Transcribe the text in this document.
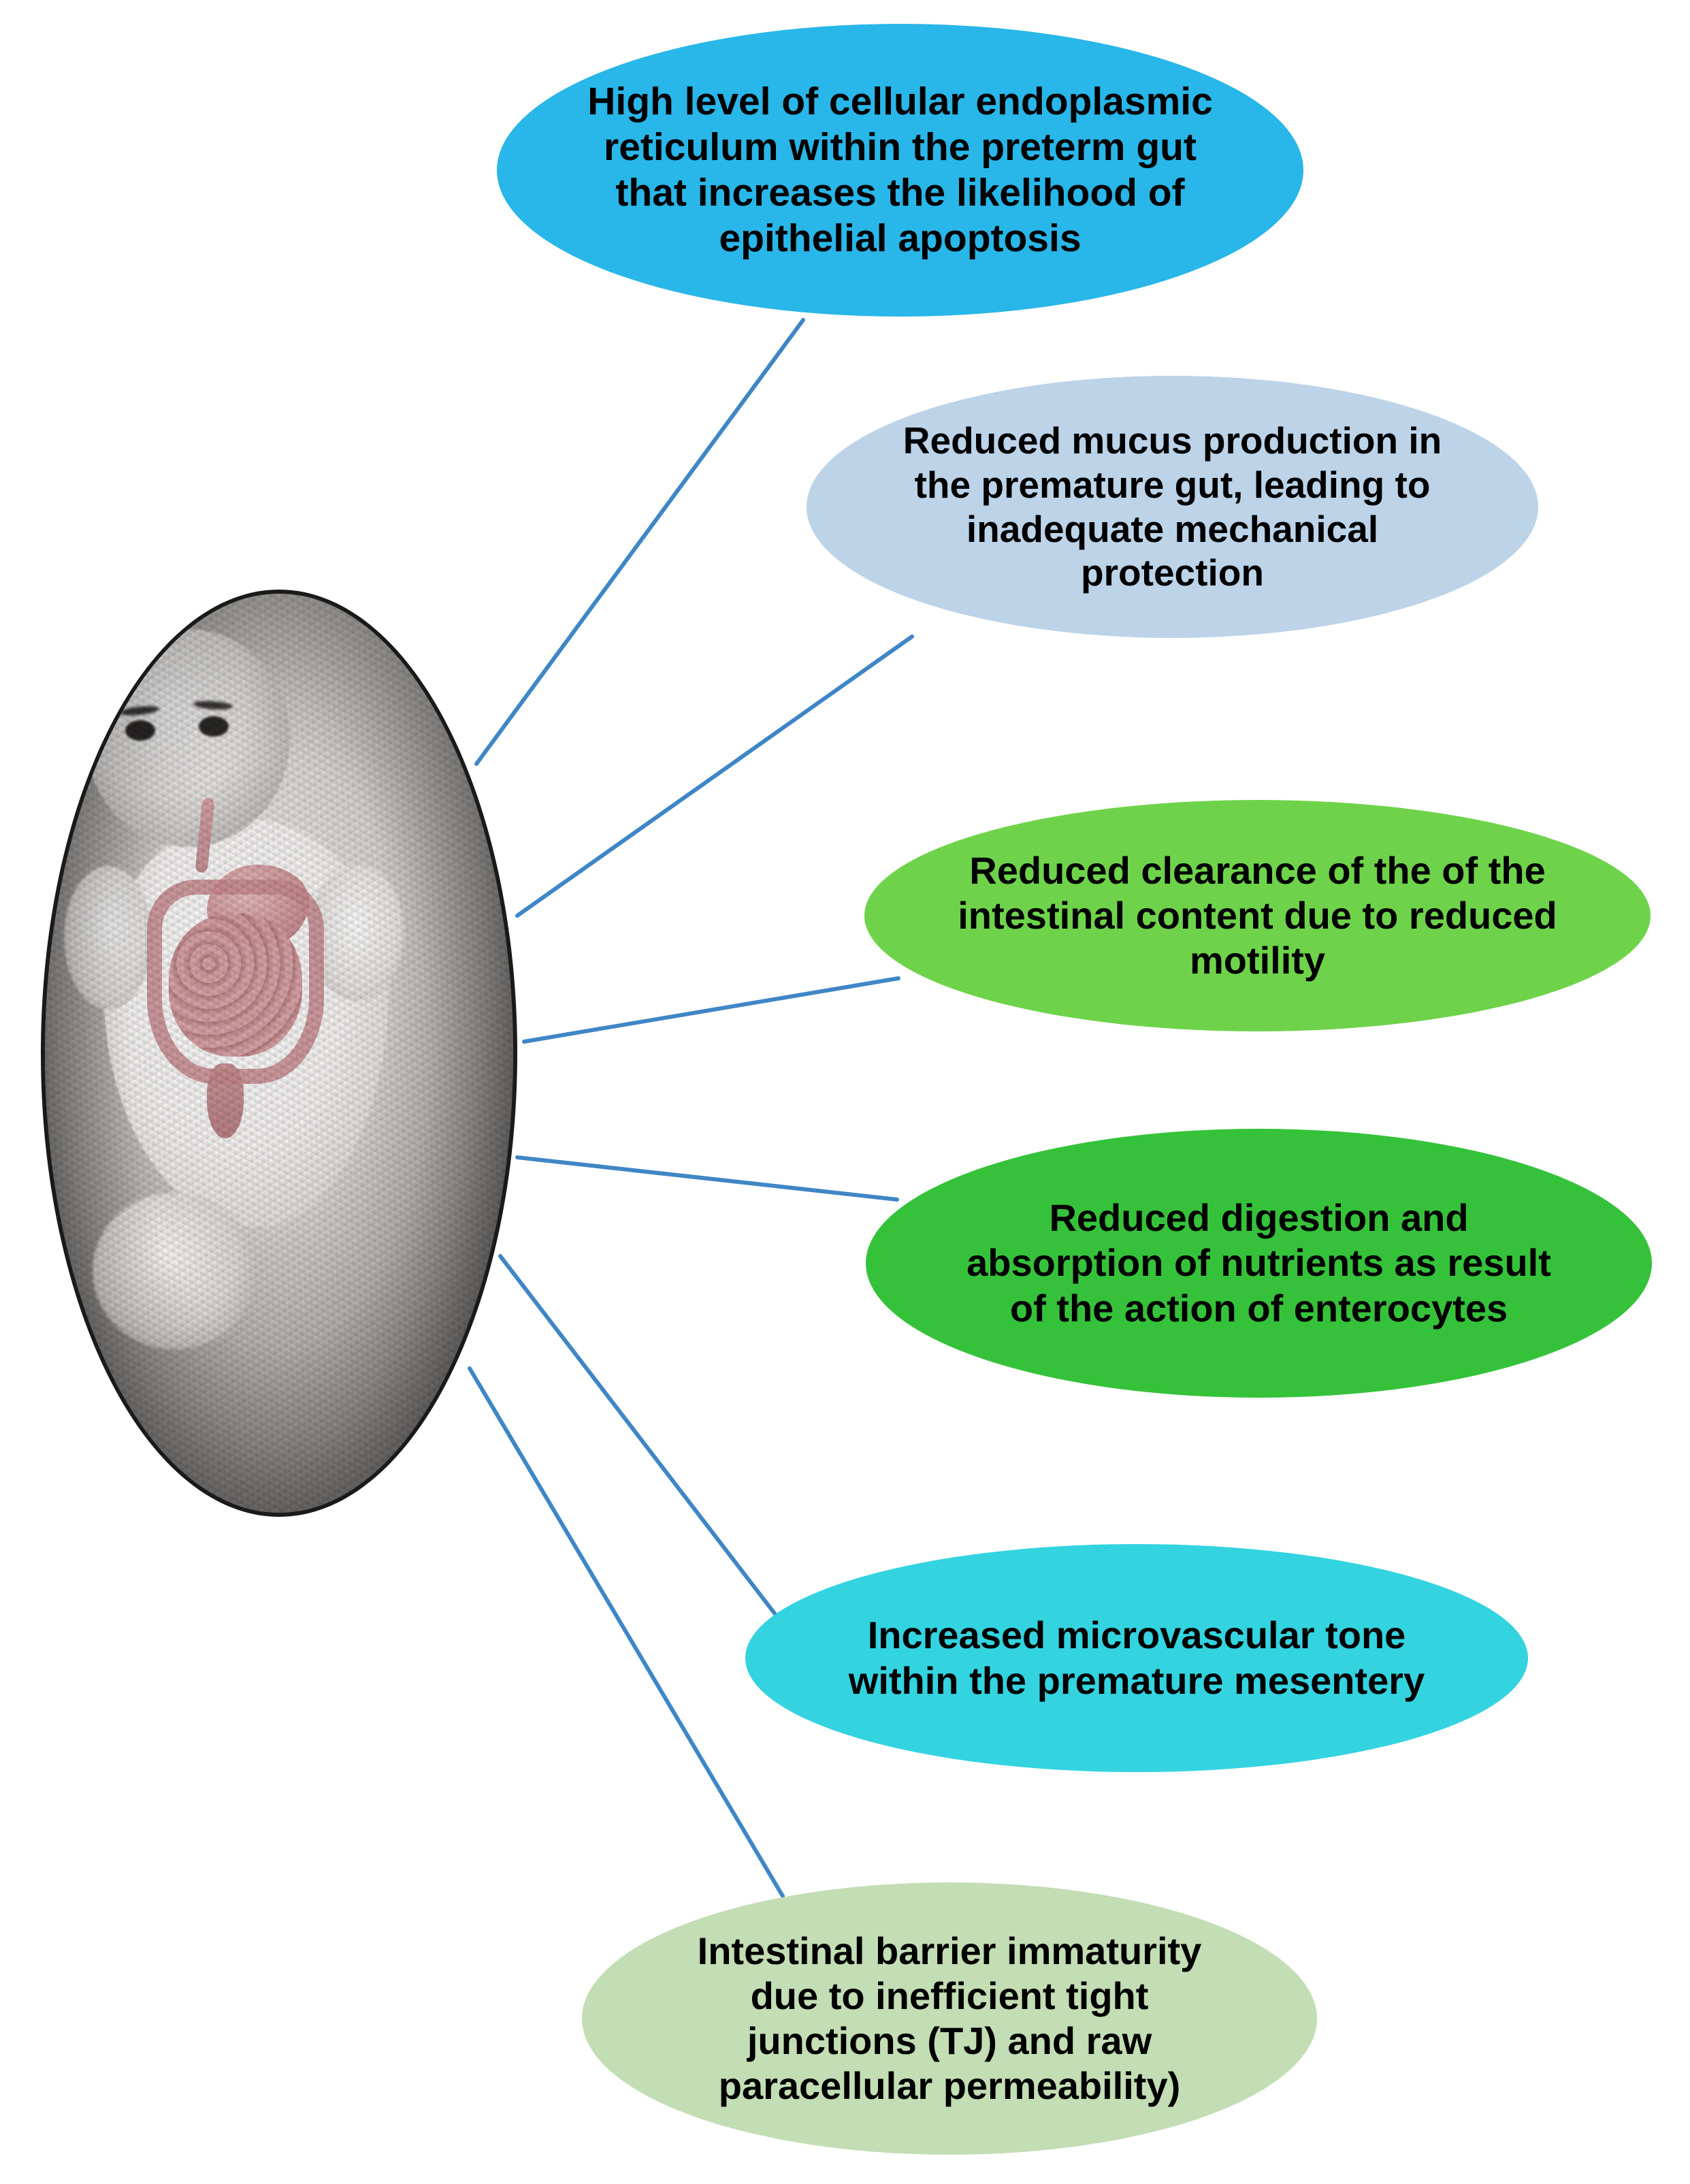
High level of cellular endoplasmic reticulum within the preterm gut that increases the likelihood of epithelial apoptosis
Reduced mucus production in the premature gut, leading to inadequate mechanical protection
Reduced clearance of the of the intestinal content due to reduced motility
Reduced digestion and absorption of nutrients as result of the action of enterocytes
Increased microvascular tone within the premature mesentery
Intestinal barrier immaturity due to inefficient tight junctions (TJ) and raw paracellular permeability)
